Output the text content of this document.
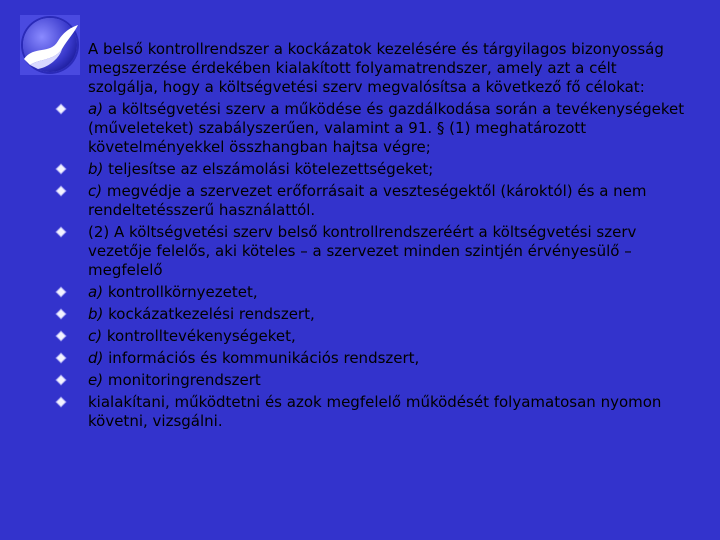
A belső kontrollrendszer a kockázatok kezelésére és tárgyilagos bizonyosság megszerzése érdekében kialakított folyamatrendszer, amely azt a célt szolgálja, hogy a költségvetési szerv megvalósítsa a következő fő célokat:
a) a költségvetési szerv a működése és gazdálkodása során a tevékenységeket (műveleteket) szabályszerűen, valamint a 91. § (1) meghatározott követelményekkel összhangban hajtsa végre;
b) teljesítse az elszámolási kötelezettségeket;
c) megvédje a szervezet erőforrásait a veszteségektől (károktól) és a nem rendeltetésszerű használattól.
(2) A költségvetési szerv belső kontrollrendszeréért a költségvetési szerv vezetője felelős, aki köteles – a szervezet minden szintjén érvényesülő – megfelelő
a) kontrollkörnyezetet,
b) kockázatkezelési rendszert,
c) kontrolltevékenységeket,
d) információs és kommunikációs rendszert,
e) monitoringrendszert
kialakítani, működtetni és azok megfelelő működését folyamatosan nyomon követni, vizsgálni.
